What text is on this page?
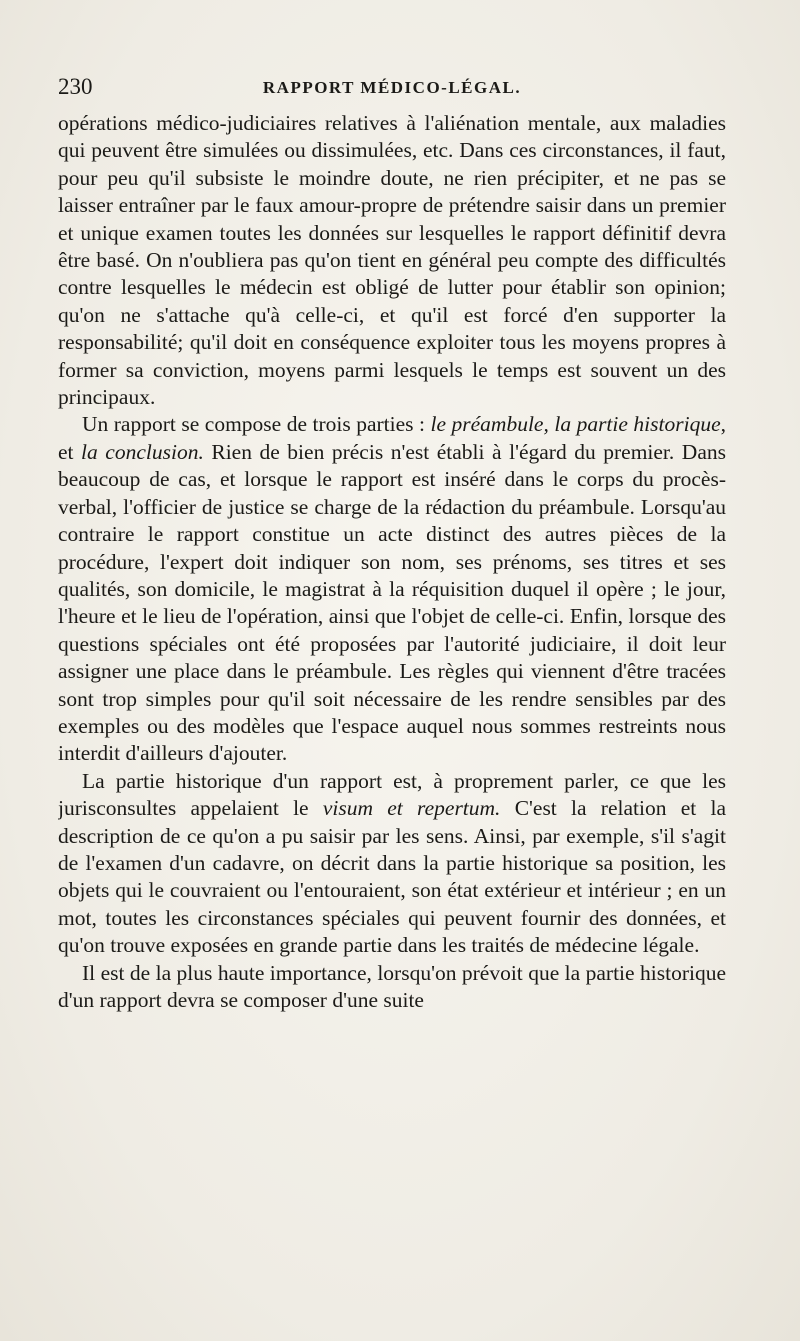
230	RAPPORT MÉDICO-LÉGAL.

opérations médico-judiciaires relatives à l'aliénation mentale, aux maladies qui peuvent être simulées ou dissimulées, etc. Dans ces circonstances, il faut, pour peu qu'il subsiste le moindre doute, ne rien précipiter, et ne pas se laisser entraîner par le faux amour-propre de prétendre saisir dans un premier et unique examen toutes les données sur lesquelles le rapport définitif devra être basé. On n'oubliera pas qu'on tient en général peu compte des difficultés contre lesquelles le médecin est obligé de lutter pour établir son opinion; qu'on ne s'attache qu'à celle-ci, et qu'il est forcé d'en supporter la responsabilité; qu'il doit en conséquence exploiter tous les moyens propres à former sa conviction, moyens parmi lesquels le temps est souvent un des principaux.

Un rapport se compose de trois parties : le préambule, la partie historique, et la conclusion. Rien de bien précis n'est établi à l'égard du premier. Dans beaucoup de cas, et lorsque le rapport est inséré dans le corps du procès-verbal, l'officier de justice se charge de la rédaction du préambule. Lorsqu'au contraire le rapport constitue un acte distinct des autres pièces de la procédure, l'expert doit indiquer son nom, ses prénoms, ses titres et ses qualités, son domicile, le magistrat à la réquisition duquel il opère ; le jour, l'heure et le lieu de l'opération, ainsi que l'objet de celle-ci. Enfin, lorsque des questions spéciales ont été proposées par l'autorité judiciaire, il doit leur assigner une place dans le préambule. Les règles qui viennent d'être tracées sont trop simples pour qu'il soit nécessaire de les rendre sensibles par des exemples ou des modèles que l'espace auquel nous sommes restreints nous interdit d'ailleurs d'ajouter.

La partie historique d'un rapport est, à proprement parler, ce que les jurisconsultes appelaient le visum et repertum. C'est la relation et la description de ce qu'on a pu saisir par les sens. Ainsi, par exemple, s'il s'agit de l'examen d'un cadavre, on décrit dans la partie historique sa position, les objets qui le couvraient ou l'entouraient, son état extérieur et intérieur ; en un mot, toutes les circonstances spéciales qui peuvent fournir des données, et qu'on trouve exposées en grande partie dans les traités de médecine légale.

Il est de la plus haute importance, lorsqu'on prévoit que la partie historique d'un rapport devra se composer d'une suite
